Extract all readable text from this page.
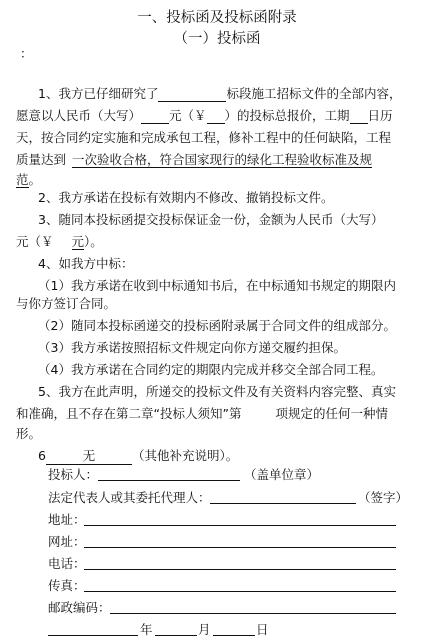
一、投标函及投标函附录
（一）投标函
：
1、我方已仔细研究了	标段施工招标文件的全部内容，
愿意以人民币（大写） 元（￥ ）的投标总报价，工期 日历
天，按合同约定实施和完成承包工程，修补工程中的任何缺陷，工程
质量达到 一次验收合格，符合国家现行的绿化工程验收标准及规
范。
2、我方承诺在投标有效期内不修改、撤销投标文件。
3、随同本投标函提交投标保证金一份，金额为人民币（大写）
元（￥ 元）。
4、如我方中标：
（1）我方承诺在收到中标通知书后，在中标通知书规定的期限内
与你方签订合同。
（2）随同本投标函递交的投标函附录属于合同文件的组成部分。
（3）我方承诺按照招标文件规定向你方递交履约担保。
（4）我方承诺在合同约定的期限内完成并移交全部合同工程。
5、我方在此声明，所递交的投标文件及有关资料内容完整、真实
和准确，且不存在第二章“投标人须知”第	项规定的任何一种情
形。
6	无	（其他补充说明）。
投标人：	（盖单位章）
法定代表人或其委托代理人：	（签字）
地址：
网址：
电话：
传真：
邮政编码：
年	月	日
